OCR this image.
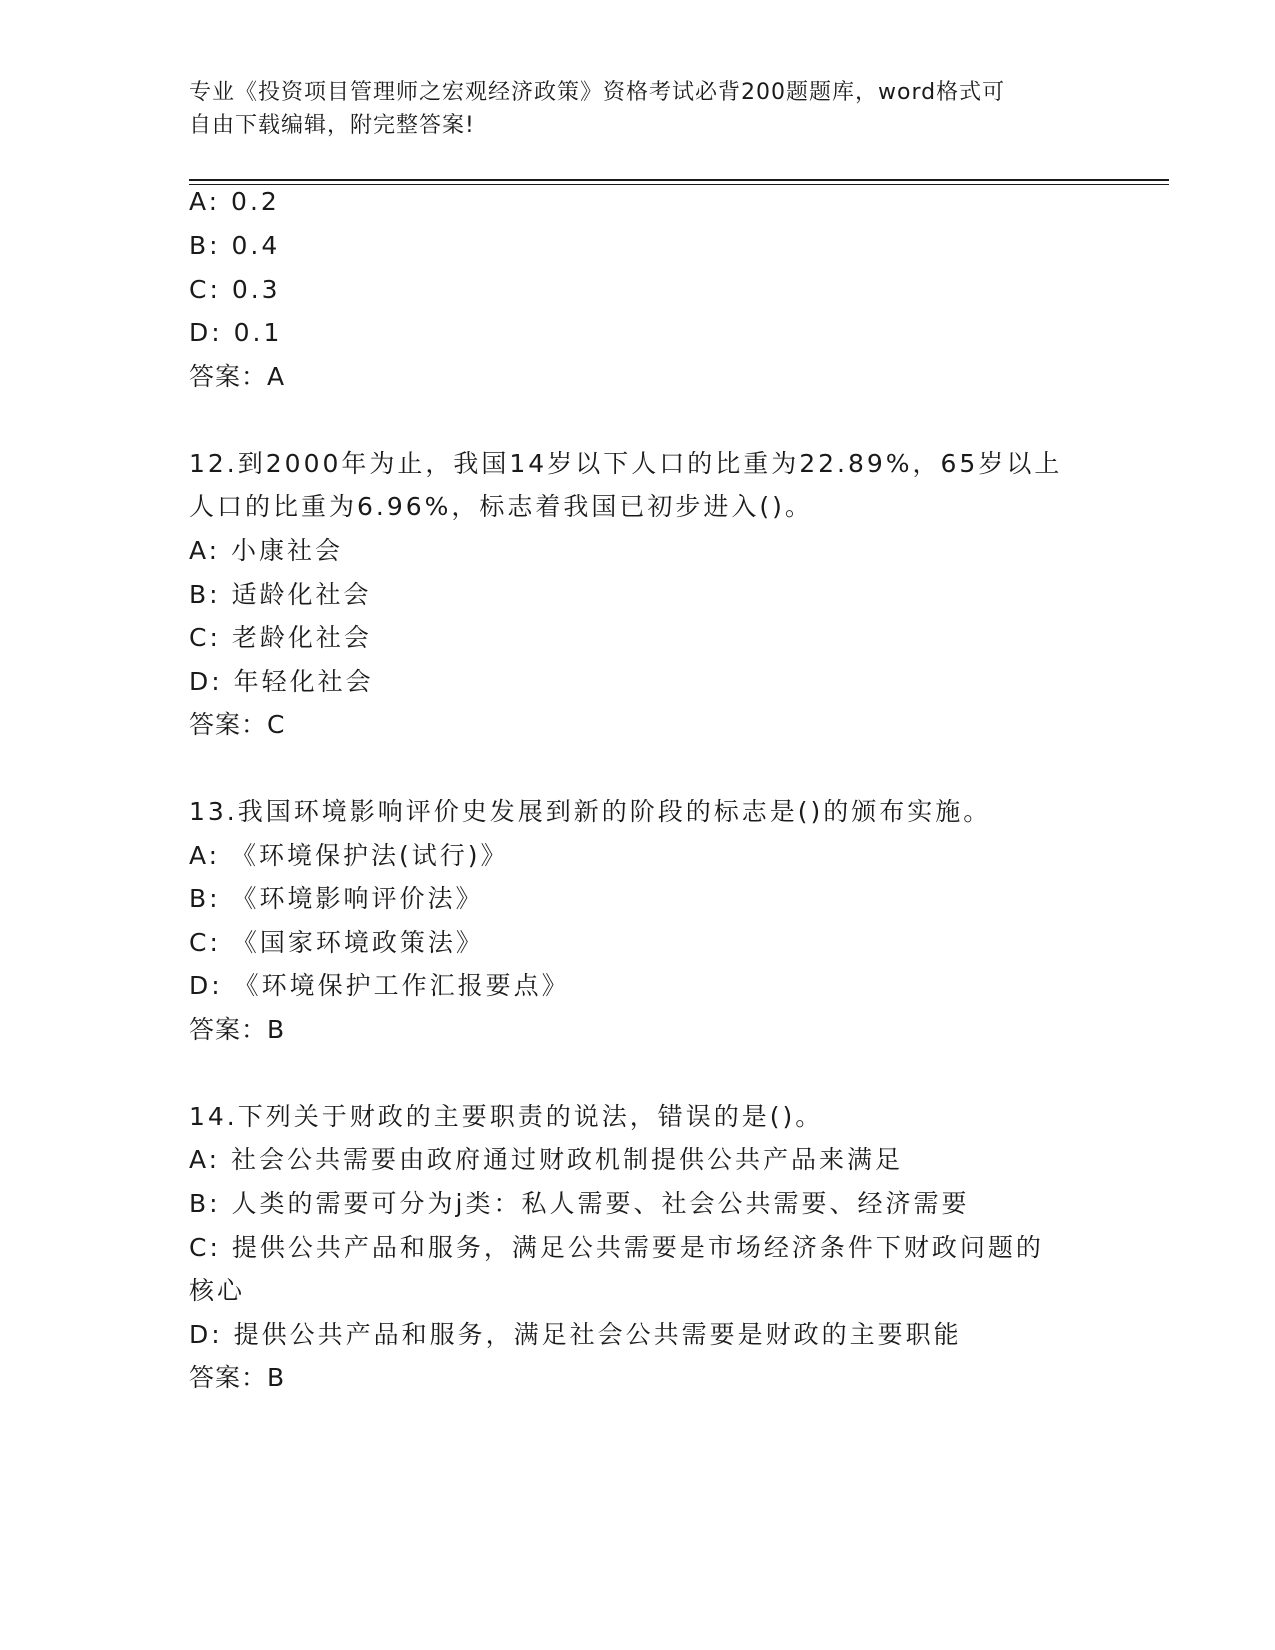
专业《投资项目管理师之宏观经济政策》资格考试必背200题题库，word格式可
自由下载编辑，附完整答案!
A: 0.2
B: 0.4
C: 0.3
D: 0.1
答案：A
12.到2000年为止，我国14岁以下人口的比重为22.89%，65岁以上
人口的比重为6.96%，标志着我国已初步进入()。
A: 小康社会
B: 适龄化社会
C: 老龄化社会
D: 年轻化社会
答案：C
13.我国环境影响评价史发展到新的阶段的标志是()的颁布实施。
A: 《环境保护法(试行)》
B: 《环境影响评价法》
C: 《国家环境政策法》
D: 《环境保护工作汇报要点》
答案：B
14.下列关于财政的主要职责的说法，错误的是()。
A: 社会公共需要由政府通过财政机制提供公共产品来满足
B: 人类的需要可分为j类：私人需要、社会公共需要、经济需要
C: 提供公共产品和服务，满足公共需要是市场经济条件下财政问题的
核心
D: 提供公共产品和服务，满足社会公共需要是财政的主要职能
答案：B
